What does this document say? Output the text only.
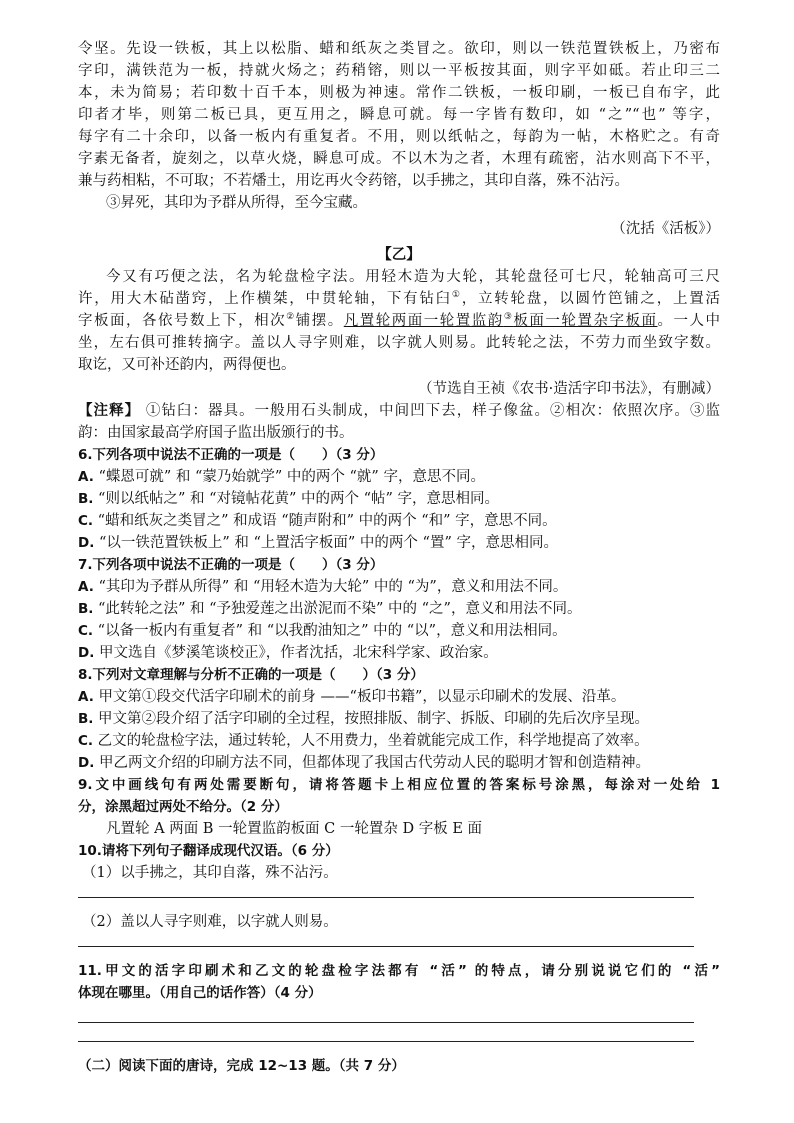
令坚。先设一铁板，其上以松脂、蜡和纸灰之类冒之。欲印，则以一铁范置铁板上，乃密布
字印，满铁范为一板，持就火炀之；药稍镕，则以一平板按其面，则字平如砥。若止印三二
本，未为简易；若印数十百千本，则极为神速。常作二铁板，一板印刷，一板已自布字，此
印者才毕，则第二板已具，更互用之，瞬息可就。每一字皆有数印，如 “之”“也” 等字，
每字有二十余印，以备一板内有重复者。不用，则以纸帖之，每韵为一帖，木格贮之。有奇
字素无备者，旋刻之，以草火烧，瞬息可成。不以木为之者，木理有疏密，沾水则高下不平，
兼与药相粘，不可取；不若燔土，用讫再火令药镕，以手拂之，其印自落，殊不沾污。
③昇死，其印为予群从所得，至今宝藏。
（沈括《活板》）
【乙】
今又有巧便之法，名为轮盘检字法。用轻木造为大轮，其轮盘径可七尺，轮轴高可三尺
许，用大木砧凿窍，上作横桀，中贯轮轴，下有钻臼①，立转轮盘，以圆竹笆铺之，上置活
字板面，各依号数上下，相次②铺摆。凡置轮两面一轮置监韵③板面一轮置杂字板面。一人中
坐，左右俱可推转摘字。盖以人寻字则难，以字就人则易。此转轮之法，不劳力而坐致字数。
取讫，又可补还韵内，两得便也。
（节选自王祯《农书·造活字印书法》，有删减）
【注释】 ①钻臼：器具。一般用石头制成，中间凹下去，样子像盆。②相次：依照次序。③监
韵：由国家最高学府国子监出版颁行的书。
6.下列各项中说法不正确的一项是（　　）（3 分）
A. “蝶恩可就” 和 “蒙乃始就学” 中的两个 “就” 字，意思不同。
B. “则以纸帖之” 和 “对镜帖花黄” 中的两个 “帖” 字，意思相同。
C. “蜡和纸灰之类冒之” 和成语 “随声附和” 中的两个 “和” 字，意思不同。
D. “以一铁范置铁板上” 和 “上置活字板面” 中的两个 “置” 字，意思相同。
7.下列各项中说法不正确的一项是（　　）（3 分）
A. “其印为予群从所得” 和 “用轻木造为大轮” 中的 “为”，意义和用法不同。
B. “此转轮之法” 和 “予独爱莲之出淤泥而不染” 中的 “之”，意义和用法不同。
C. “以备一板内有重复者” 和 “以我酌油知之” 中的 “以”，意义和用法相同。
D. 甲文选自《梦溪笔谈校正》，作者沈括，北宋科学家、政治家。
8.下列对文章理解与分析不正确的一项是（　　）（3 分）
A. 甲文第①段交代活字印刷术的前身 ——“板印书籍”，以显示印刷术的发展、沿革。
B. 甲文第②段介绍了活字印刷的全过程，按照排版、制字、拆版、印刷的先后次序呈现。
C. 乙文的轮盘检字法，通过转轮，人不用费力，坐着就能完成工作，科学地提高了效率。
D. 甲乙两文介绍的印刷方法不同，但都体现了我国古代劳动人民的聪明才智和创造精神。
9.文中画线句有两处需要断句，请将答题卡上相应位置的答案标号涂黑，每涂对一处给 1
分，涂黑超过两处不给分。（2 分）
凡置轮 A 两面 B 一轮置监韵板面 C 一轮置杂 D 字板 E 面
10.请将下列句子翻译成现代汉语。（6 分）
（1）以手拂之，其印自落，殊不沾污。
（2）盖以人寻字则难，以字就人则易。
11.甲文的活字印刷术和乙文的轮盘检字法都有 “活” 的特点，请分别说说它们的 “活”
体现在哪里。（用自己的话作答）（4 分）
（二）阅读下面的唐诗，完成 12~13 题。（共 7 分）
